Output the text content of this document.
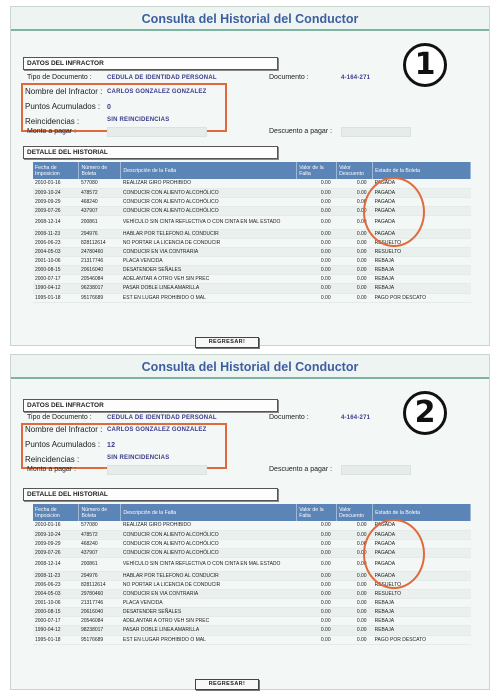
Consulta del Historial del Conductor
DATOS DEL INFRACTOR
Tipo de Documento :	CEDULA DE IDENTIDAD PERSONAL	Documento :	4-164-271
Nombre del Infractor : CARLOS GONZALEZ GONZALEZ
Puntos Acumulados : 0
Reincidencias :	SIN REINCIDENCIAS
Monto a pagar :	Descuento a pagar :
1
DETALLE DEL HISTORIAL
Fecha de Imposicion	Número de Boleta	Descripción de la Falta	Valor de la Falta	Valor Descuento	Estado de la Boleta
2010-01-16	577080	REALIZAR GIRO PROHIBIDO	0.00	0.00	PAGADA
2009-10-24	478572	CONDUCIR CON ALIENTO ALCOHÓLICO	0.00	0.00	PAGADA
2009-09-29	468240	CONDUCIR CON ALIENTO ALCOHÓLICO	0.00	0.00	PAGADA
2009-07-26	437907	CONDUCIR CON ALIENTO ALCOHÓLICO	0.00	0.00	PAGADA
2008-12-14	200861	VEHÍCULO SIN CINTA REFLECTIVA O CON CINTA EN MAL ESTADO	0.00	0.00	PAGADA
2008-11-23	294976	HABLAR POR TELEFONO AL CONDUCIR	0.00	0.00	PAGADA
2006-06-23	828112614	NO PORTAR LA LICENCIA DE CONDUCIR	0.00	0.00	RESUELTO
2004-05-03	24780460	CONDUCIR EN VIA CONTRARIA	0.00	0.00	RESUELTO
2001-10-06	21317746	PLACA VENCIDA	0.00	0.00	REBAJA
2000-08-15	20616040	DESATENDER SEÑALES	0.00	0.00	REBAJA
2000-07-17	20546084	ADELANTAR A OTRO VEH SIN PREC	0.00	0.00	REBAJA
1990-04-12	96238017	PASAR DOBLE LINEA AMARILLA	0.00	0.00	REBAJA
1995-01-18	95176689	EST EN LUGAR PROHIBIDO O MAL	0.00	0.00	PAGO POR DESCATO
REGRESAR!
Consulta del Historial del Conductor
DATOS DEL INFRACTOR
Tipo de Documento :	CEDULA DE IDENTIDAD PERSONAL	Documento :	4-164-271
Nombre del Infractor : CARLOS GONZALEZ GONZALEZ
Puntos Acumulados : 12
Reincidencias :	SIN REINCIDENCIAS
Monto a pagar :	Descuento a pagar :
2
DETALLE DEL HISTORIAL
Fecha de Imposicion	Número de Boleta	Descripción de la Falta	Valor de la Falta	Valor Descuento	Estado de la Boleta
2010-01-16	577080	REALIZAR GIRO PROHIBIDO	0.00	0.00	PAGADA
2009-10-24	478572	CONDUCIR CON ALIENTO ALCOHÓLICO	0.00	0.00	PAGADA
2009-09-29	468240	CONDUCIR CON ALIENTO ALCOHÓLICO	0.00	0.00	PAGADA
2009-07-26	437907	CONDUCIR CON ALIENTO ALCOHÓLICO	0.00	0.00	PAGADA
2008-12-14	200861	VEHÍCULO SIN CINTA REFLECTIVA O CON CINTA EN MAL ESTADO	0.00	0.00	PAGADA
2008-11-23	294976	HABLAR POR TELEFONO AL CONDUCIR	0.00	0.00	PAGADA
2006-06-23	828112614	NO PORTAR LA LICENCIA DE CONDUCIR	0.00	0.00	RESUELTO
2004-05-03	29780460	CONDUCIR EN VIA CONTRARIA	0.00	0.00	RESUELTO
2001-10-06	21317746	PLACA VENCIDA	0.00	0.00	REBAJA
2000-08-15	20616040	DESATENDER SEÑALES	0.00	0.00	REBAJA
2000-07-17	20546084	ADELANTAR A OTRO VEH SIN PREC	0.00	0.00	REBAJA
1990-04-12	98238017	PASAR DOBLE LINEA AMARILLA	0.00	0.00	REBAJA
1995-01-18	95176689	EST EN LUGAR PROHIBIDO O MAL	0.00	0.00	PAGO POR DESCATO
REGRESAR!
